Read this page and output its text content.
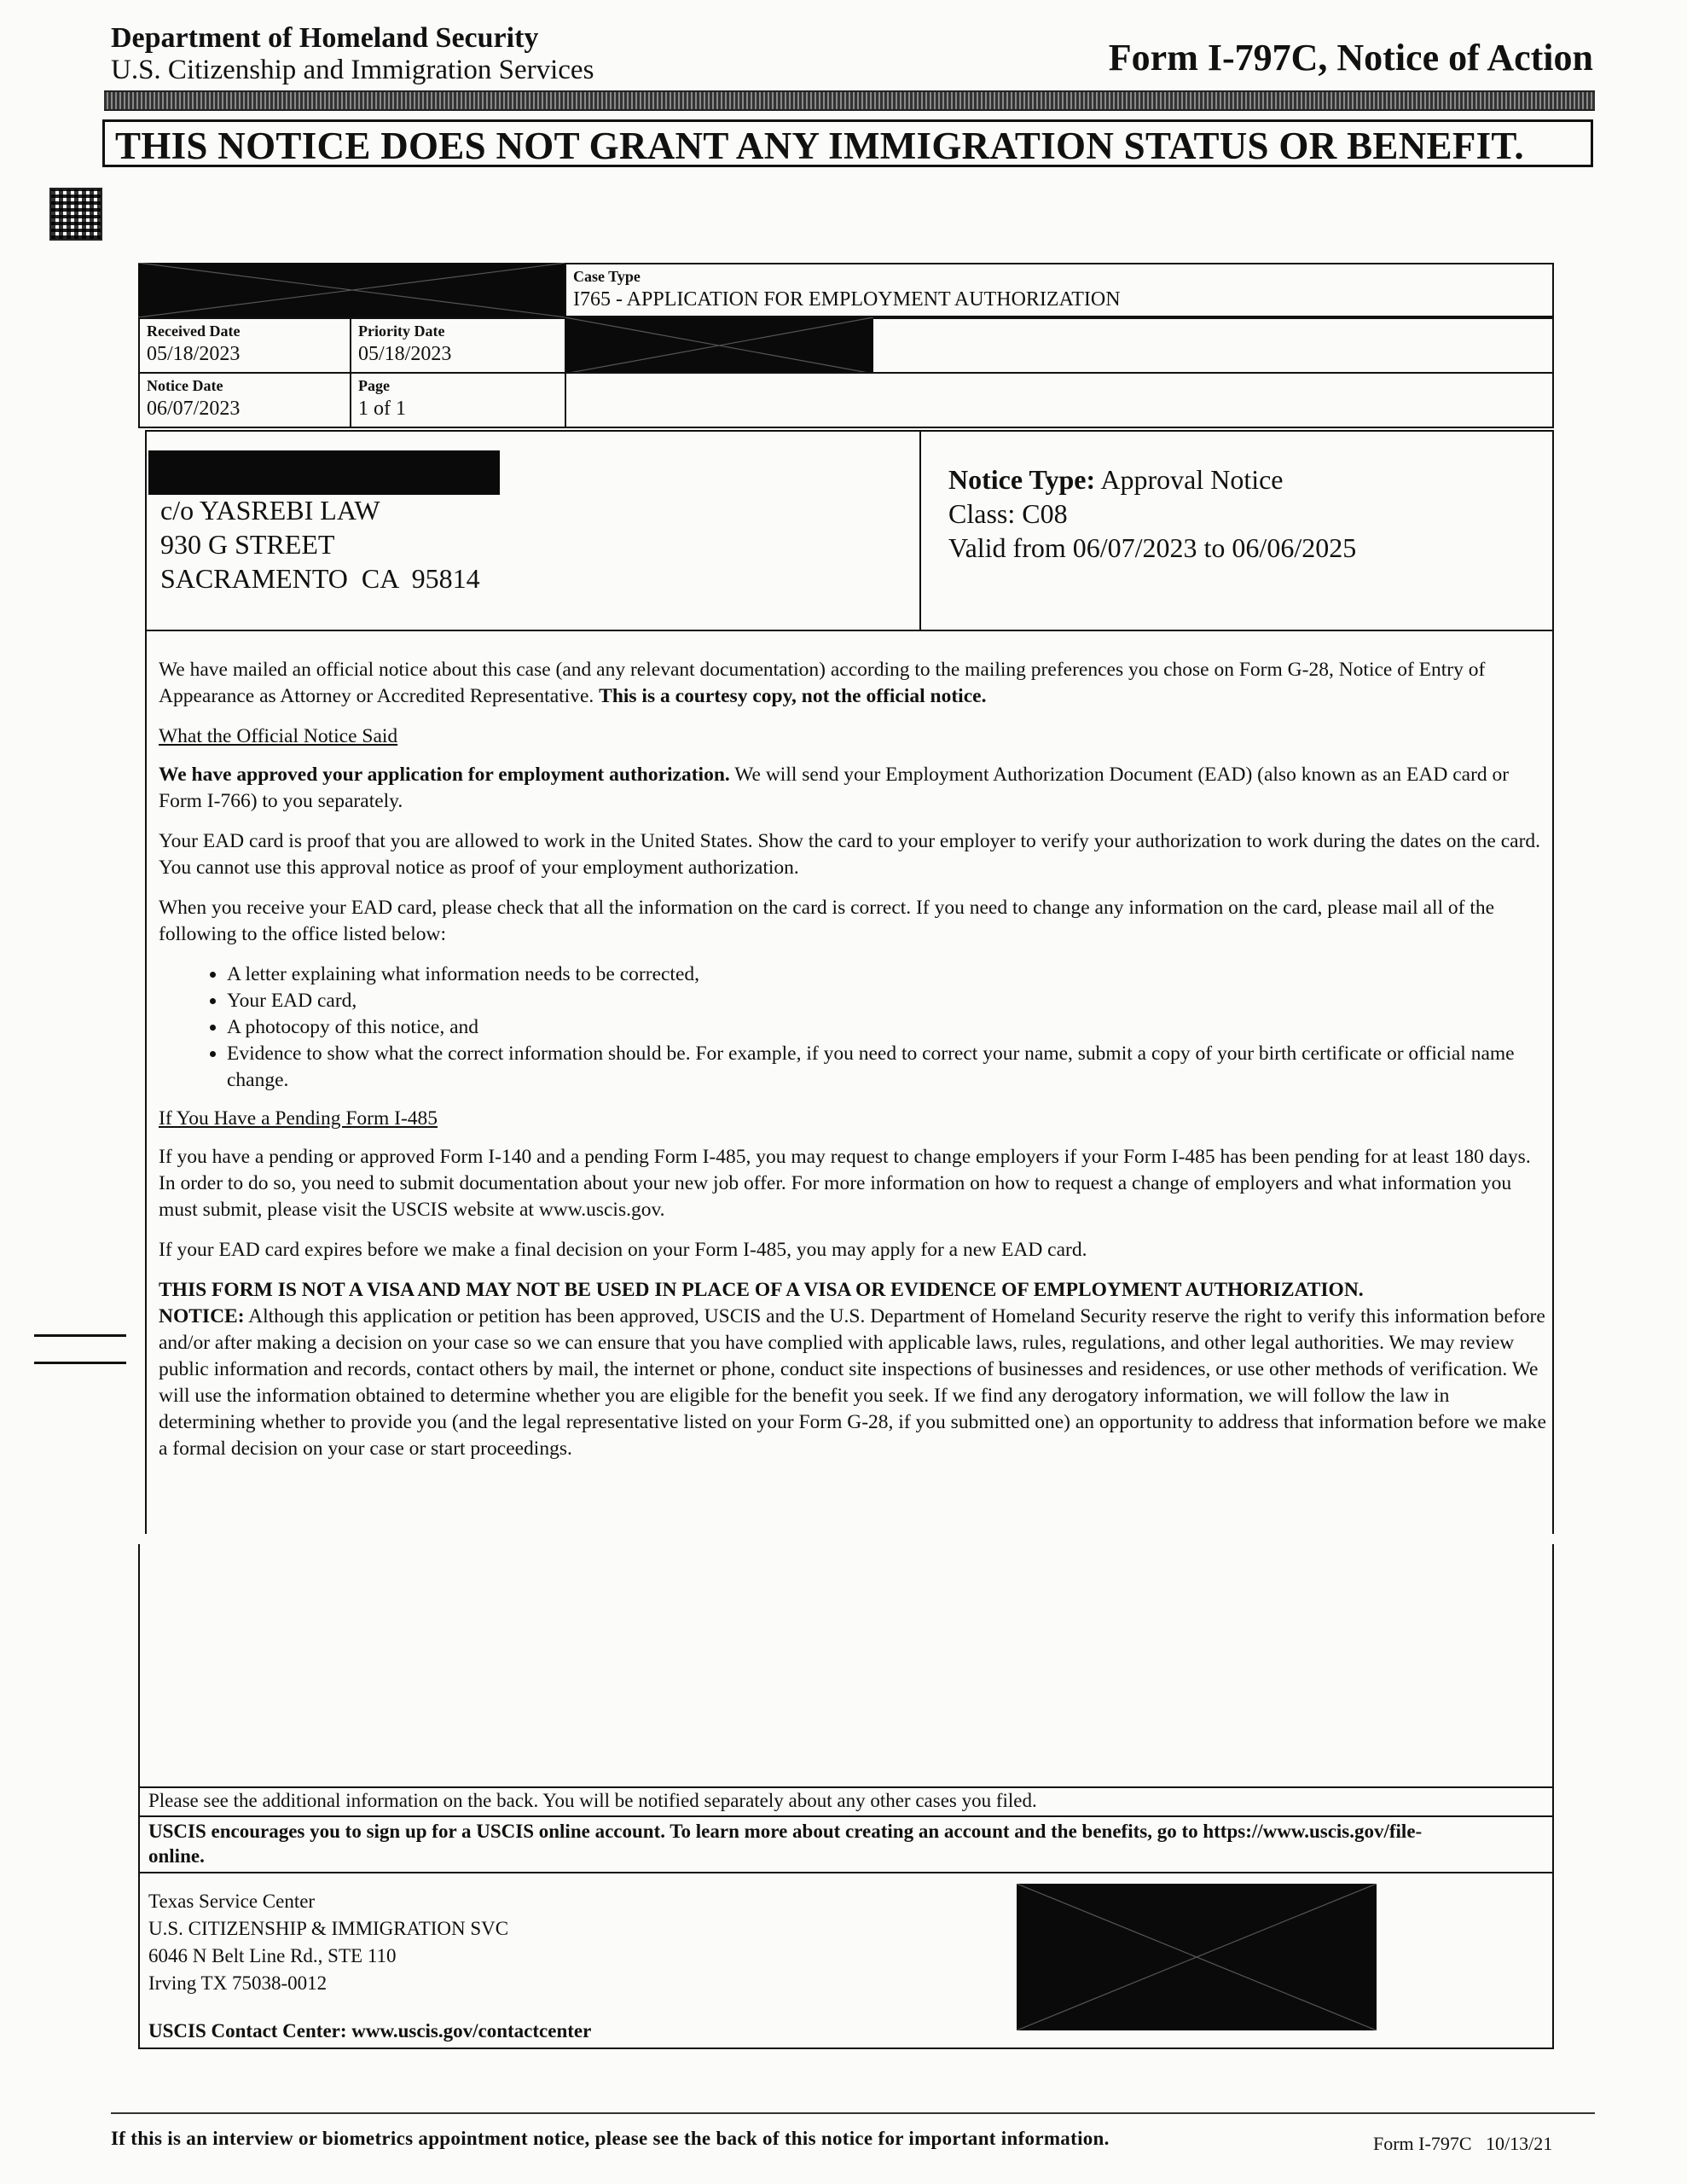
Department of Homeland Security
U.S. Citizenship and Immigration Services	Form I-797C, Notice of Action
THIS NOTICE DOES NOT GRANT ANY IMMIGRATION STATUS OR BENEFIT.
Case Type
I765 - APPLICATION FOR EMPLOYMENT AUTHORIZATION
Received Date
05/18/2023
Priority Date
05/18/2023
Notice Date
06/07/2023
Page
1 of 1
c/o YASREBI LAW
930 G STREET
SACRAMENTO  CA  95814
Notice Type: Approval Notice
Class: C08
Valid from 06/07/2023 to 06/06/2025

We have mailed an official notice about this case (and any relevant documentation) according to the mailing preferences you chose on Form G-28, Notice of Entry of Appearance as Attorney or Accredited Representative. This is a courtesy copy, not the official notice.

What the Official Notice Said

We have approved your application for employment authorization. We will send your Employment Authorization Document (EAD) (also known as an EAD card or Form I-766) to you separately.

Your EAD card is proof that you are allowed to work in the United States. Show the card to your employer to verify your authorization to work during the dates on the card. You cannot use this approval notice as proof of your employment authorization.

When you receive your EAD card, please check that all the information on the card is correct. If you need to change any information on the card, please mail all of the following to the office listed below:

• A letter explaining what information needs to be corrected,
• Your EAD card,
• A photocopy of this notice, and
• Evidence to show what the correct information should be. For example, if you need to correct your name, submit a copy of your birth certificate or official name change.

If You Have a Pending Form I-485

If you have a pending or approved Form I-140 and a pending Form I-485, you may request to change employers if your Form I-485 has been pending for at least 180 days. In order to do so, you need to submit documentation about your new job offer. For more information on how to request a change of employers and what information you must submit, please visit the USCIS website at www.uscis.gov.

If your EAD card expires before we make a final decision on your Form I-485, you may apply for a new EAD card.

THIS FORM IS NOT A VISA AND MAY NOT BE USED IN PLACE OF A VISA OR EVIDENCE OF EMPLOYMENT AUTHORIZATION.

NOTICE: Although this application or petition has been approved, USCIS and the U.S. Department of Homeland Security reserve the right to verify this information before and/or after making a decision on your case so we can ensure that you have complied with applicable laws, rules, regulations, and other legal authorities. We may review public information and records, contact others by mail, the internet or phone, conduct site inspections of businesses and residences, or use other methods of verification. We will use the information obtained to determine whether you are eligible for the benefit you seek. If we find any derogatory information, we will follow the law in determining whether to provide you (and the legal representative listed on your Form G-28, if you submitted one) an opportunity to address that information before we make a formal decision on your case or start proceedings.

Please see the additional information on the back. You will be notified separately about any other cases you filed.
USCIS encourages you to sign up for a USCIS online account. To learn more about creating an account and the benefits, go to https://www.uscis.gov/file-online.
Texas Service Center
U.S. CITIZENSHIP & IMMIGRATION SVC
6046 N Belt Line Rd., STE 110
Irving TX 75038-0012
USCIS Contact Center: www.uscis.gov/contactcenter
If this is an interview or biometrics appointment notice, please see the back of this notice for important information.	Form I-797C   10/13/21
